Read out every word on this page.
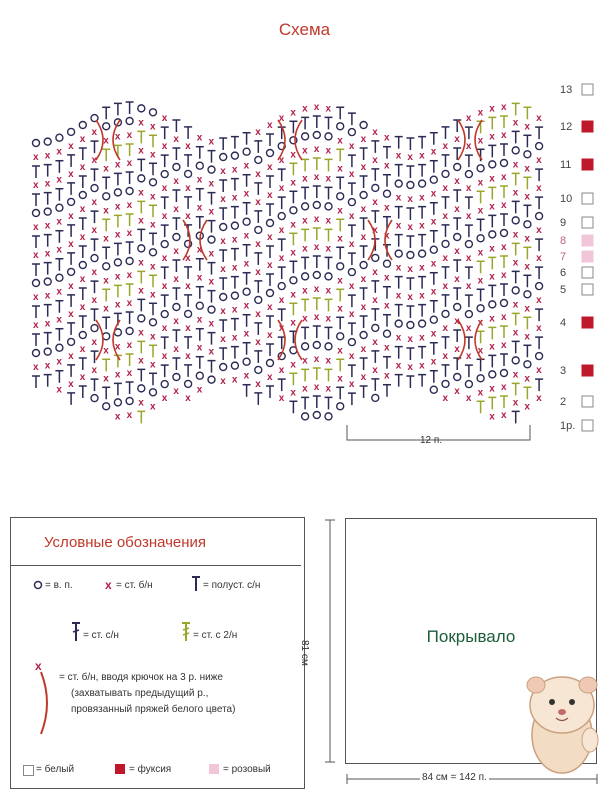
Схема
x
x
x
x
x
x
x
x
x
x
x
x
x
x
x
x
x
x
x
x
x
x
x
x
x
x
x
x
x
x
x
x
x
x
x
x
x
x
x
x
x
x
x
x
x
x
x
x
x
x
x
x
x
x
x
x
x
x
x
x
x
x
x
x
x
x
x
x
x
x
x
x
x
x
x
x
x
x
x
x
x
x
x
x
x
x
x
x
x
x
x
x
x
x
x
x
x
x
x
x
x
x
x
x
x
x
x
x
x
x
x
x
x
x
x
x
x
x
x
x
x
x
x
x
x
x
x
x
x
x
x
x
x
x
x
x
x
x
x
x
x
x
x
x
x
x
x
x
x
x
x
x
x
x
x
x
x
x
x
x
x
x
x
x
x
x
x
x
x
x
x
x
x
x
x
x
x
x
x
x
x
x
x
x
x
x
x
x
x
x
x
x
x
x
x
x
x
x
x
x
x
x
x
x
x
x
x
x
x
x
x
x
x
x
x
x
x
x
x
x
x
x
x
x
x
x
x
x
x
x
x
x
x
x
x
x
x
x
x
x
x
x
x
x
x
x
x
x
x
x
x
x
x
x
x
x
x
x
x
x
x
x
x
x
x
x
x
x
x
x
x
x
x
x
x
x
x
x
x
x
x
x
x
x
x
x
x
x
x
x
x
x
x
x
x
x
x
x
x
x
x
x
x
x
x
x
x
x
x
x
x
x
x
x
x
x
x
x
x
x
x
x
x
x
x
x
x
x
x
x
x
x
x
x
x
x
x
x
x
x
x
x
x
x
x
x
x
x
x
x
x
x
x
x
x
x
x
x
x
x
x
13
12
11
10
9
8
7
6
5
4
3
2
1р.
12 п.
Условные обозначения
= в. п.	x = ст. б/н	= полуст. с/н
= ст. с/н	= ст. с 2/н
x
= ст. б/н, вводя крючок на 3 р. ниже
(захватывать предыдущий р.,
провязанный пряжей белого цвета)
= белый	= фуксия	= розовый
81 см
Покрывало
84 см = 142 п.
